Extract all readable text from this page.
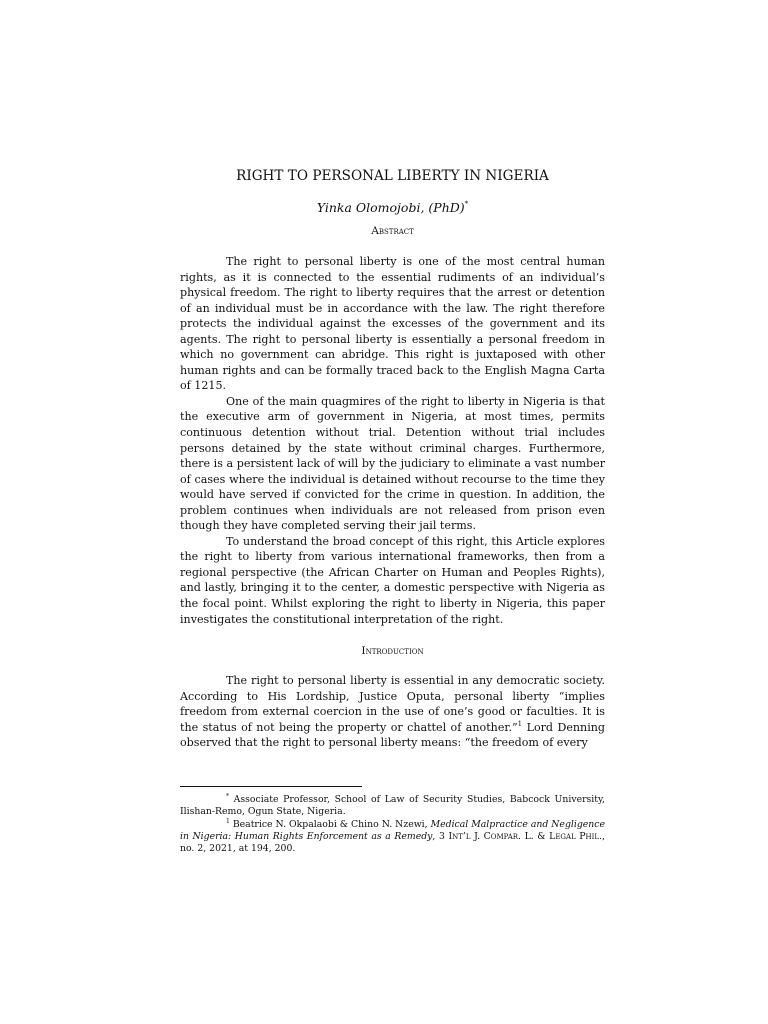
RIGHT TO PERSONAL LIBERTY IN NIGERIA
Yinka Olomojobi, (PhD)*
Abstract

The right to personal liberty is one of the most central human rights, as it is connected to the essential rudiments of an individual’s physical freedom. The right to liberty requires that the arrest or detention of an individual must be in accordance with the law. The right therefore protects the individual against the excesses of the government and its agents. The right to personal liberty is essentially a personal freedom in which no government can abridge. This right is juxtaposed with other human rights and can be formally traced back to the English Magna Carta of 1215.

One of the main quagmires of the right to liberty in Nigeria is that the executive arm of government in Nigeria, at most times, permits continuous detention without trial. Detention without trial includes persons detained by the state without criminal charges. Furthermore, there is a persistent lack of will by the judiciary to eliminate a vast number of cases where the individual is detained without recourse to the time they would have served if convicted for the crime in question. In addition, the problem continues when individuals are not released from prison even though they have completed serving their jail terms.

To understand the broad concept of this right, this Article explores the right to liberty from various international frameworks, then from a regional perspective (the African Charter on Human and Peoples Rights), and lastly, bringing it to the center, a domestic perspective with Nigeria as the focal point. Whilst exploring the right to liberty in Nigeria, this paper investigates the constitutional interpretation of the right.

Introduction

The right to personal liberty is essential in any democratic society. According to His Lordship, Justice Oputa, personal liberty “implies freedom from external coercion in the use of one’s good or faculties. It is the status of not being the property or chattel of another.”$^1$ Lord Denning observed that the right to personal liberty means: “the freedom of every

* Associate Professor, School of Law of Security Studies, Babcock University, Ilishan-Remo, Ogun State, Nigeria.

$^1$ Beatrice N. Okpalaobi & Chino N. Nzewi, Medical Malpractice and Negligence in Nigeria: Human Rights Enforcement as a Remedy, 3 Int’l J. Compar. L. & Legal Phil., no. 2, 2021, at 194, 200.
